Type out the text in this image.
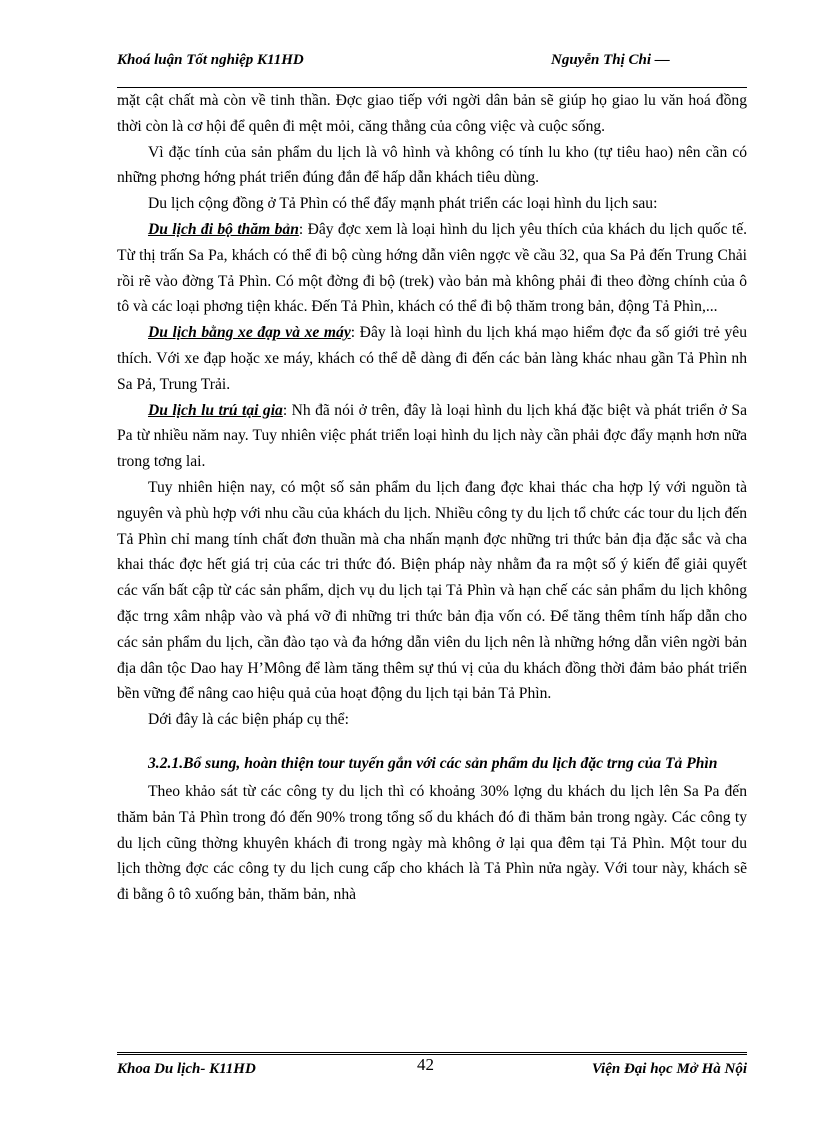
Khoá luận Tốt nghiệp K11HD	Nguyễn Thị Chi —

mặt cật chất mà còn về tinh thần. Đợc giao tiếp với ngời dân bản sẽ giúp họ giao lu văn hoá đồng thời còn là cơ hội để quên đi mệt mỏi, căng thẳng của công việc và cuộc sống.

Vì đặc tính của sản phẩm du lịch là vô hình và không có tính lu kho (tự tiêu hao) nên cần có những phơng hớng phát triển đúng đắn để hấp dẫn khách tiêu dùng.

Du lịch cộng đồng ở Tả Phìn có thể đẩy mạnh phát triển các loại hình du lịch sau:

Du lịch đi bộ thăm bản: Đây đợc xem là loại hình du lịch yêu thích của khách du lịch quốc tế. Từ thị trấn Sa Pa, khách có thể đi bộ cùng hớng dẫn viên ngợc về cầu 32, qua Sa Pả đến Trung Chải rồi rẽ vào đờng Tả Phìn. Có một đờng đi bộ (trek) vào bản mà không phải đi theo đờng chính của ô tô và các loại phơng tiện khác. Đến Tả Phìn, khách có thể đi bộ thăm trong bản, động Tả Phìn,...

Du lịch bằng xe đạp và xe máy: Đây là loại hình du lịch khá mạo hiểm đợc đa số giới trẻ yêu thích. Với xe đạp hoặc xe máy, khách có thể dễ dàng đi đến các bản làng khác nhau gần Tả Phìn nh Sa Pả, Trung Trải.

Du lịch lu trú tại gia: Nh đã nói ở trên, đây là loại hình du lịch khá đặc biệt và phát triển ở Sa Pa từ nhiều năm nay. Tuy nhiên việc phát triển loại hình du lịch này cần phải đợc đẩy mạnh hơn nữa trong tơng lai.

Tuy nhiên hiện nay, có một số sản phẩm du lịch đang đợc khai thác cha hợp lý với nguồn tà nguyên và phù hợp với nhu cầu của khách du lịch. Nhiều công ty du lịch tổ chức các tour du lịch đến Tả Phìn chỉ mang tính chất đơn thuần mà cha nhấn mạnh đợc những tri thức bản địa đặc sắc và cha khai thác đợc hết giá trị của các tri thức đó. Biện pháp này nhằm đa ra một số ý kiến để giải quyết các vấn bất cập từ các sản phẩm, dịch vụ du lịch tại Tả Phìn và hạn chế các sản phẩm du lịch không đặc trng xâm nhập vào và phá vỡ đi những tri thức bản địa vốn có. Để tăng thêm tính hấp dẫn cho các sản phẩm du lịch, cần đào tạo và đa hớng dẫn viên du lịch nên là những hớng dẫn viên ngời bản địa dân tộc Dao hay H’Mông để làm tăng thêm sự thú vị của du khách đồng thời đảm bảo phát triển bền vững để nâng cao hiệu quả của hoạt động du lịch tại bản Tả Phìn.

Dới đây là các biện pháp cụ thể:

3.2.1.Bổ sung, hoàn thiện tour tuyến gắn với các sản phẩm du lịch đặc trng của Tả Phìn

Theo khảo sát từ các công ty du lịch thì có khoảng 30% lợng du khách du lịch lên Sa Pa đến thăm bản Tả Phìn trong đó đến 90% trong tổng số du khách đó đi thăm bản trong ngày. Các công ty du lịch cũng thờng khuyên khách đi trong ngày mà không ở lại qua đêm tại Tả Phìn. Một tour du lịch thờng đợc các công ty du lịch cung cấp cho khách là Tả Phìn nửa ngày. Với tour này, khách sẽ đi bằng ô tô xuống bản, thăm bản, nhà

Khoa Du lịch- K11HD	42	Viện Đại học Mở Hà Nội
